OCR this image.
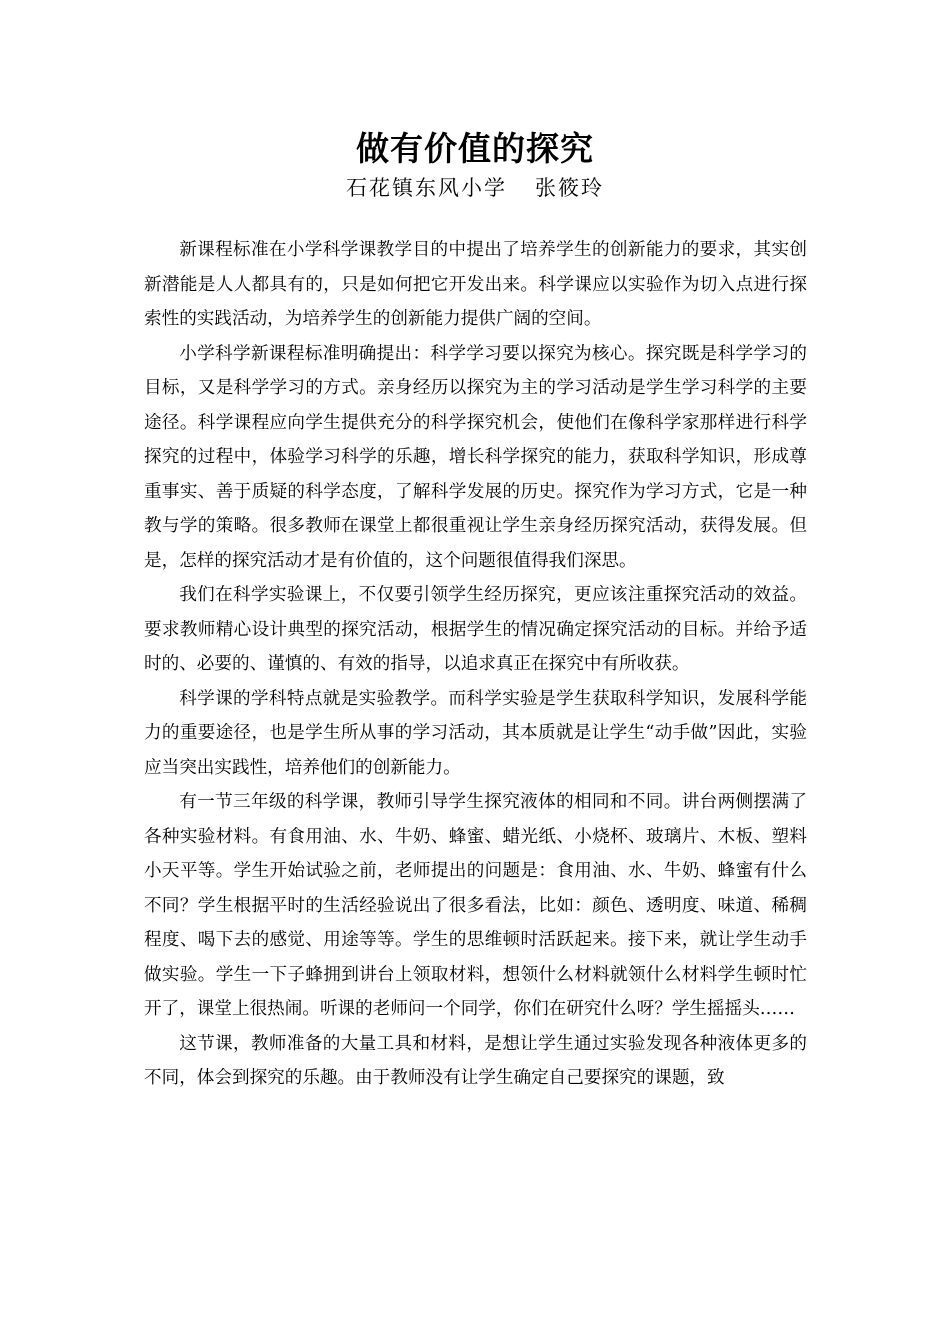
做有价值的探究
石花镇东风小学 张筱玲

新课程标准在小学科学课教学目的中提出了培养学生的创新能力的要求，其实创新潜能是人人都具有的，只是如何把它开发出来。科学课应以实验作为切入点进行探索性的实践活动，为培养学生的创新能力提供广阔的空间。

小学科学新课程标准明确提出：科学学习要以探究为核心。探究既是科学学习的目标，又是科学学习的方式。亲身经历以探究为主的学习活动是学生学习科学的主要途径。科学课程应向学生提供充分的科学探究机会，使他们在像科学家那样进行科学探究的过程中，体验学习科学的乐趣，增长科学探究的能力，获取科学知识，形成尊重事实、善于质疑的科学态度，了解科学发展的历史。探究作为学习方式，它是一种教与学的策略。很多教师在课堂上都很重视让学生亲身经历探究活动，获得发展。但是，怎样的探究活动才是有价值的，这个问题很值得我们深思。

我们在科学实验课上，不仅要引领学生经历探究，更应该注重探究活动的效益。要求教师精心设计典型的探究活动，根据学生的情况确定探究活动的目标。并给予适时的、必要的、谨慎的、有效的指导，以追求真正在探究中有所收获。

科学课的学科特点就是实验教学。而科学实验是学生获取科学知识，发展科学能力的重要途径，也是学生所从事的学习活动，其本质就是让学生“动手做”因此，实验应当突出实践性，培养他们的创新能力。

有一节三年级的科学课，教师引导学生探究液体的相同和不同。讲台两侧摆满了各种实验材料。有食用油、水、牛奶、蜂蜜、蜡光纸、小烧杯、玻璃片、木板、塑料小天平等。学生开始试验之前，老师提出的问题是：食用油、水、牛奶、蜂蜜有什么不同？学生根据平时的生活经验说出了很多看法，比如：颜色、透明度、味道、稀稠程度、喝下去的感觉、用途等等。学生的思维顿时活跃起来。接下来，就让学生动手做实验。学生一下子蜂拥到讲台上领取材料，想领什么材料就领什么材料学生顿时忙开了，课堂上很热闹。听课的老师问一个同学，你们在研究什么呀？学生摇摇头……

这节课，教师准备的大量工具和材料，是想让学生通过实验发现各种液体更多的不同，体会到探究的乐趣。由于教师没有让学生确定自己要探究的课题，致
